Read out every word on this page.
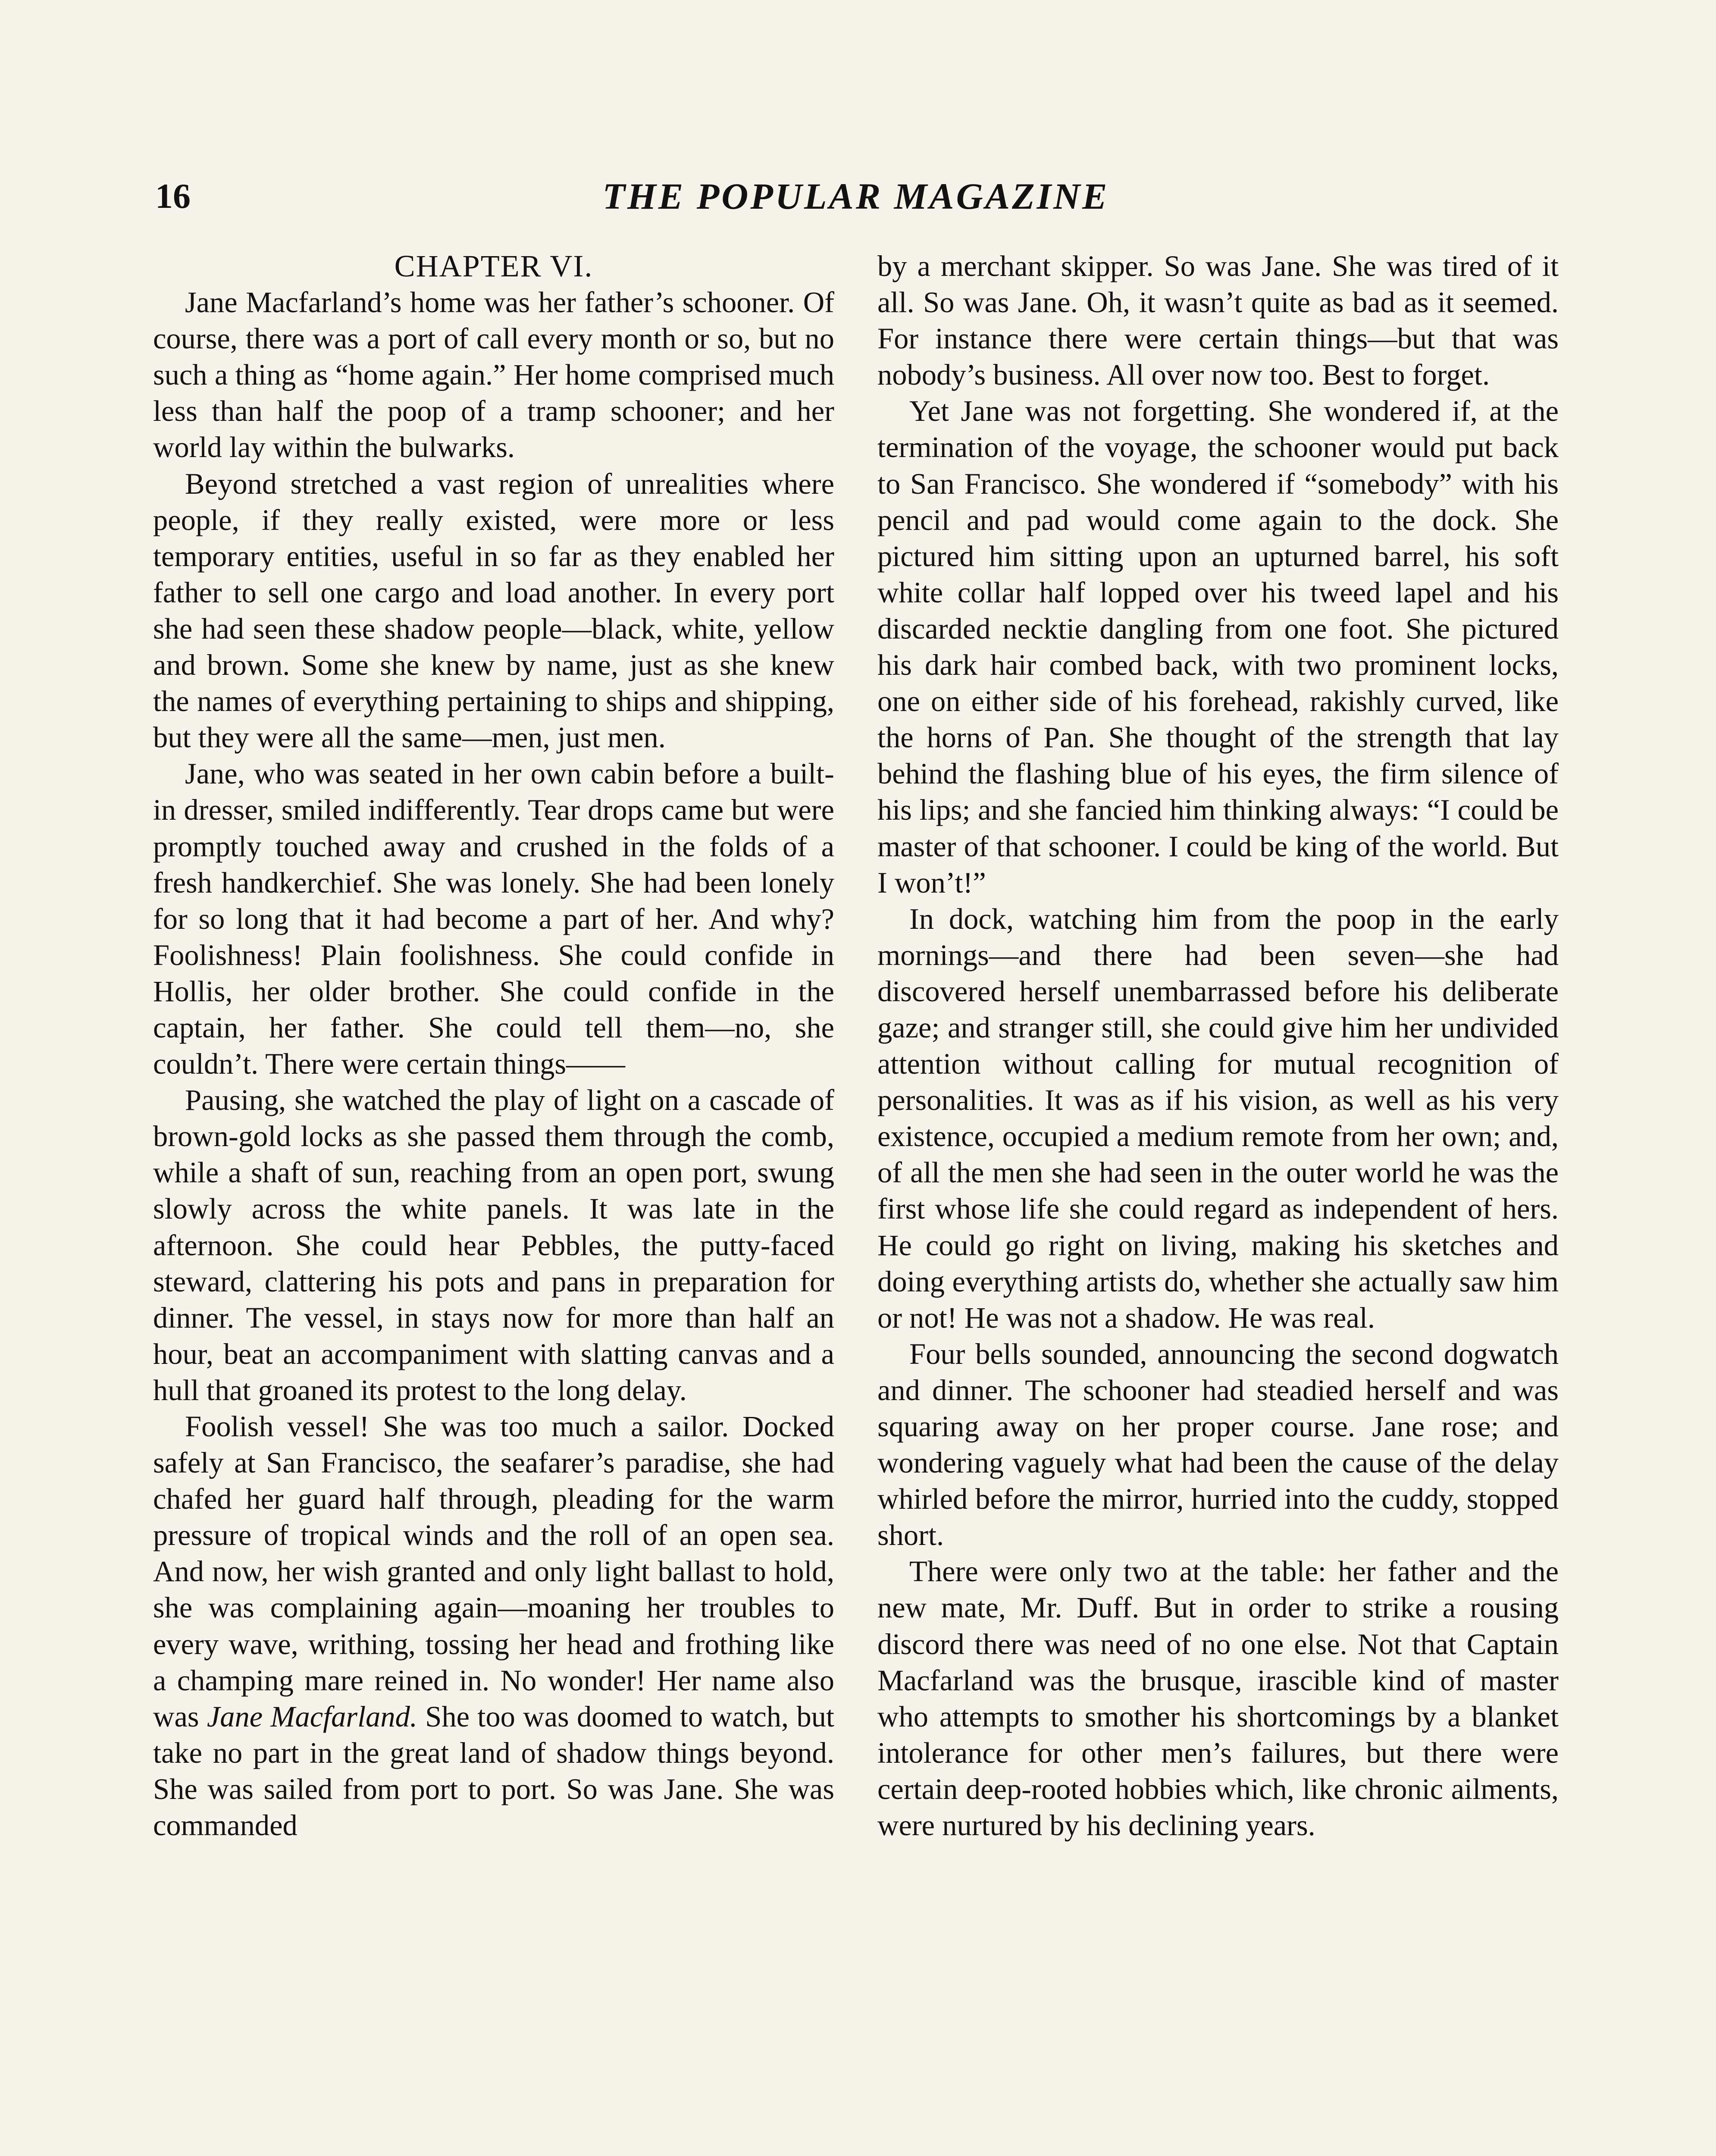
16	THE POPULAR MAGAZINE
CHAPTER VI.

Jane Macfarland’s home was her father’s schooner. Of course, there was a port of call every month or so, but no such a thing as “home again.” Her home comprised much less than half the poop of a tramp schooner; and her world lay within the bulwarks.

Beyond stretched a vast region of unrealities where people, if they really existed, were more or less temporary entities, useful in so far as they enabled her father to sell one cargo and load another. In every port she had seen these shadow people—black, white, yellow and brown. Some she knew by name, just as she knew the names of everything pertaining to ships and shipping, but they were all the same—men, just men.

Jane, who was seated in her own cabin before a built-in dresser, smiled indifferently. Tear drops came but were promptly touched away and crushed in the folds of a fresh handkerchief. She was lonely. She had been lonely for so long that it had become a part of her. And why? Foolishness! Plain foolishness. She could confide in Hollis, her older brother. She could confide in the captain, her father. She could tell them—no, she couldn’t. There were certain things——

Pausing, she watched the play of light on a cascade of brown-gold locks as she passed them through the comb, while a shaft of sun, reaching from an open port, swung slowly across the white panels. It was late in the afternoon. She could hear Pebbles, the putty-faced steward, clattering his pots and pans in preparation for dinner. The vessel, in stays now for more than half an hour, beat an accompaniment with slatting canvas and a hull that groaned its protest to the long delay.

Foolish vessel! She was too much a sailor. Docked safely at San Francisco, the seafarer’s paradise, she had chafed her guard half through, pleading for the warm pressure of tropical winds and the roll of an open sea. And now, her wish granted and only light ballast to hold, she was complaining again—moaning her troubles to every wave, writhing, tossing her head and frothing like a champing mare reined in. No wonder! Her name also was Jane Macfarland. She too was doomed to watch, but take no part in the great land of shadow things beyond. She was sailed from port to port. So was Jane. She was commanded

by a merchant skipper. So was Jane. She was tired of it all. So was Jane. Oh, it wasn’t quite as bad as it seemed. For instance there were certain things—but that was nobody’s business. All over now too. Best to forget.

Yet Jane was not forgetting. She wondered if, at the termination of the voyage, the schooner would put back to San Francisco. She wondered if “somebody” with his pencil and pad would come again to the dock. She pictured him sitting upon an upturned barrel, his soft white collar half lopped over his tweed lapel and his discarded necktie dangling from one foot. She pictured his dark hair combed back, with two prominent locks, one on either side of his forehead, rakishly curved, like the horns of Pan. She thought of the strength that lay behind the flashing blue of his eyes, the firm silence of his lips; and she fancied him thinking always: “I could be master of that schooner. I could be king of the world. But I won’t!”

In dock, watching him from the poop in the early mornings—and there had been seven—she had discovered herself unembarrassed before his deliberate gaze; and stranger still, she could give him her undivided attention without calling for mutual recognition of personalities. It was as if his vision, as well as his very existence, occupied a medium remote from her own; and, of all the men she had seen in the outer world he was the first whose life she could regard as independent of hers. He could go right on living, making his sketches and doing everything artists do, whether she actually saw him or not! He was not a shadow. He was real.

Four bells sounded, announcing the second dogwatch and dinner. The schooner had steadied herself and was squaring away on her proper course. Jane rose; and wondering vaguely what had been the cause of the delay whirled before the mirror, hurried into the cuddy, stopped short.

There were only two at the table: her father and the new mate, Mr. Duff. But in order to strike a rousing discord there was need of no one else. Not that Captain Macfarland was the brusque, irascible kind of master who attempts to smother his shortcomings by a blanket intolerance for other men’s failures, but there were certain deep-rooted hobbies which, like chronic ailments, were nurtured by his declining years.
